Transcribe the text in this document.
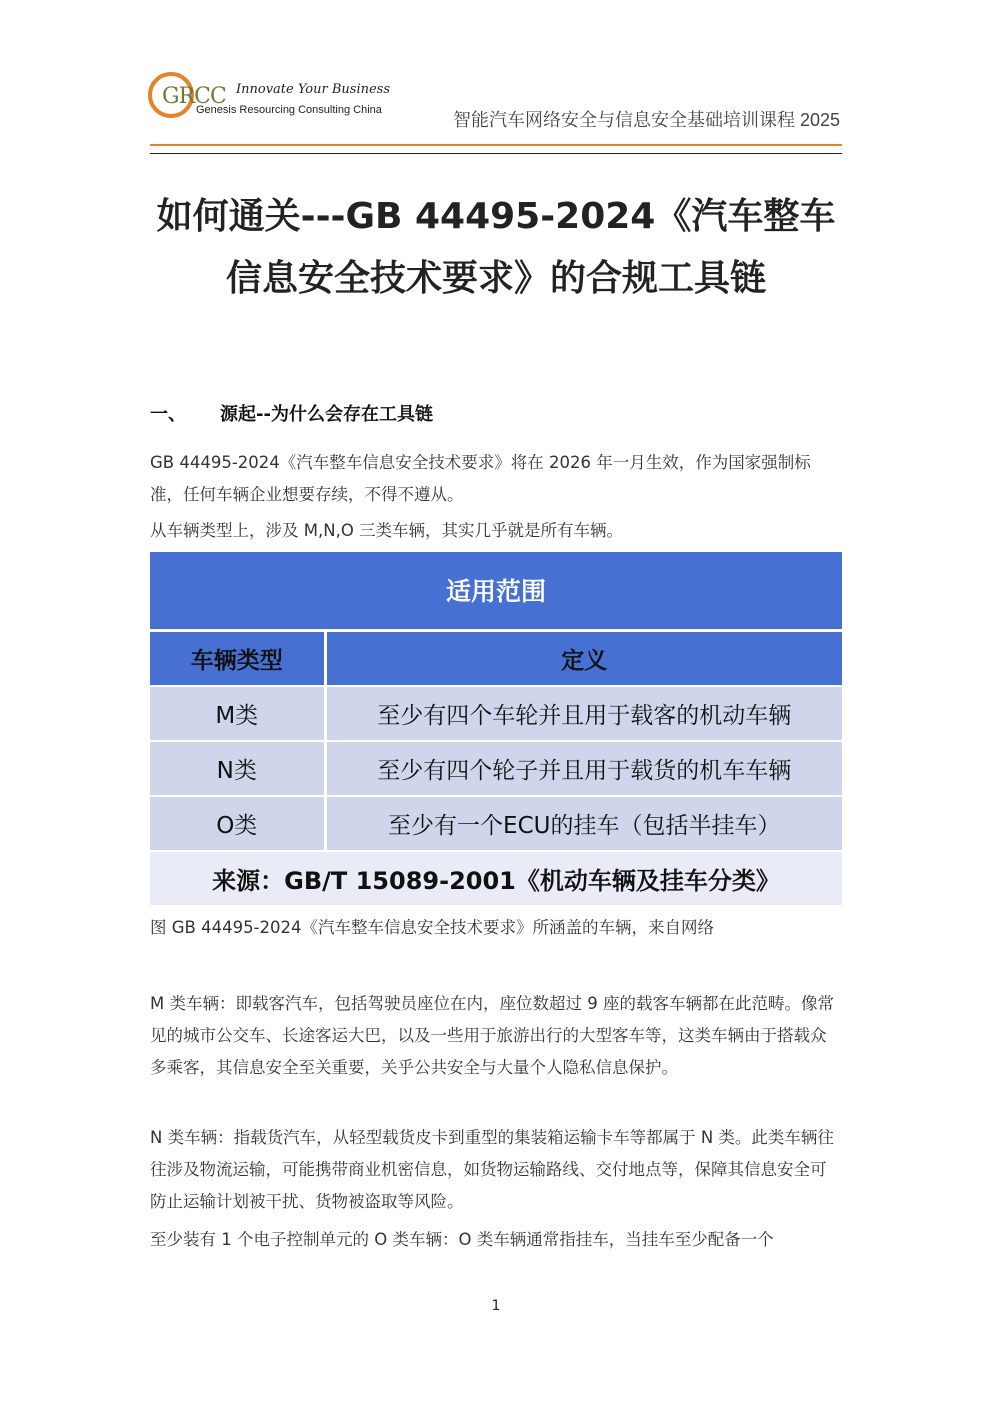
GRCC Innovate Your Business
Genesis Resourcing Consulting China	智能汽车网络安全与信息安全基础培训课程 2025
如何通关---GB 44495-2024《汽车整车
信息安全技术要求》的合规工具链
一、 源起--为什么会存在工具链
GB 44495-2024《汽车整车信息安全技术要求》将在 2026 年一月生效，作为国家强制标准，任何车辆企业想要存续，不得不遵从。
从车辆类型上，涉及 M,N,O 三类车辆，其实几乎就是所有车辆。
适用范围	
车辆类型	定义
M类	至少有四个车轮并且用于载客的机动车辆
N类	至少有四个轮子并且用于载货的机车车辆
O类	至少有一个ECU的挂车（包括半挂车）
来源：GB/T 15089-2001《机动车辆及挂车分类》	
图 GB 44495-2024《汽车整车信息安全技术要求》所涵盖的车辆，来自网络
M 类车辆：即载客汽车，包括驾驶员座位在内，座位数超过 9 座的载客车辆都在此范畴。像常见的城市公交车、长途客运大巴，以及一些用于旅游出行的大型客车等，这类车辆由于搭载众多乘客，其信息安全至关重要，关乎公共安全与大量个人隐私信息保护。
N 类车辆：指载货汽车，从轻型载货皮卡到重型的集装箱运输卡车等都属于 N 类。此类车辆往往涉及物流运输，可能携带商业机密信息，如货物运输路线、交付地点等，保障其信息安全可防止运输计划被干扰、货物被盗取等风险。
至少装有 1 个电子控制单元的 O 类车辆：O 类车辆通常指挂车，当挂车至少配备一个
1
